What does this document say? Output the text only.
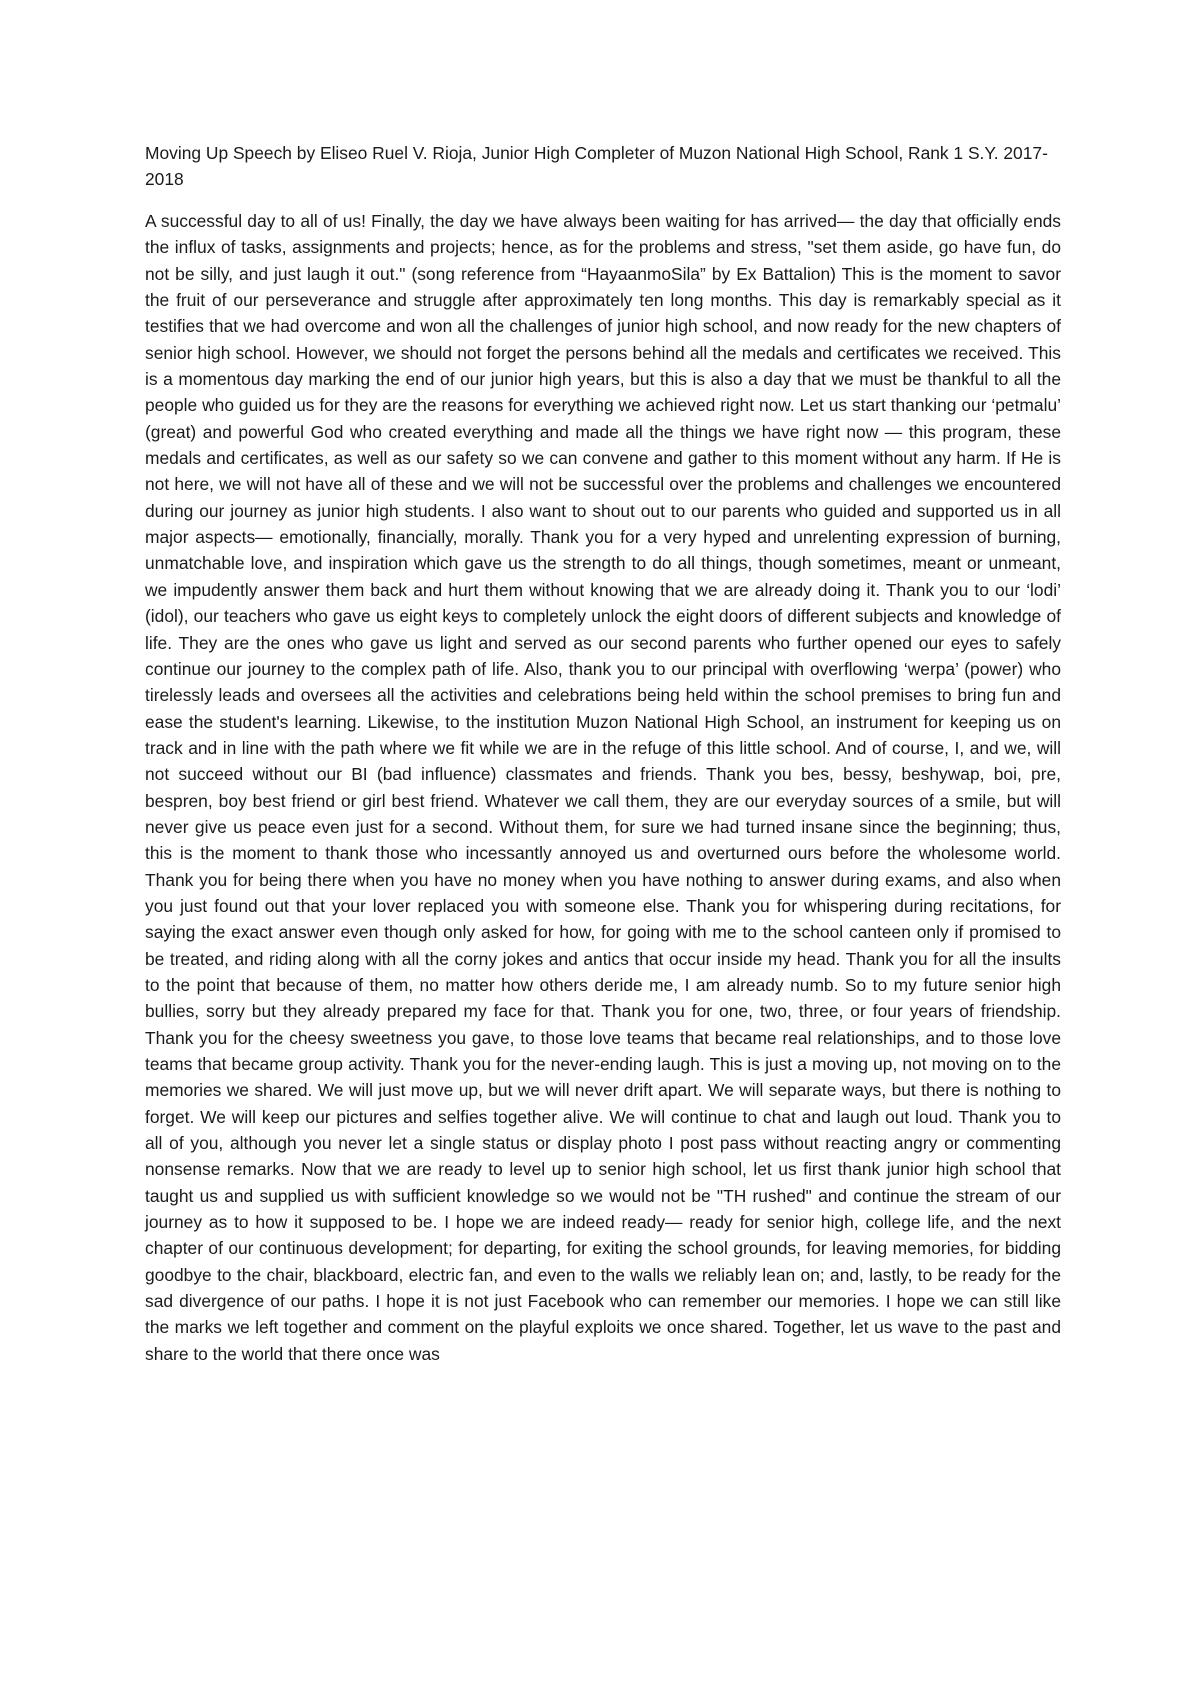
Moving Up Speech by Eliseo Ruel V. Rioja, Junior High Completer of Muzon National High School, Rank 1 S.Y. 2017-2018

A successful day to all of us! Finally, the day we have always been waiting for has arrived— the day that officially ends the influx of tasks, assignments and projects; hence, as for the problems and stress, "set them aside, go have fun, do not be silly, and just laugh it out." (song reference from “HayaanmoSila” by Ex Battalion) This is the moment to savor the fruit of our perseverance and struggle after approximately ten long months. This day is remarkably special as it testifies that we had overcome and won all the challenges of junior high school, and now ready for the new chapters of senior high school. However, we should not forget the persons behind all the medals and certificates we received. This is a momentous day marking the end of our junior high years, but this is also a day that we must be thankful to all the people who guided us for they are the reasons for everything we achieved right now. Let us start thanking our ‘petmalu’ (great) and powerful God who created everything and made all the things we have right now — this program, these medals and certificates, as well as our safety so we can convene and gather to this moment without any harm. If He is not here, we will not have all of these and we will not be successful over the problems and challenges we encountered during our journey as junior high students. I also want to shout out to our parents who guided and supported us in all major aspects— emotionally, financially, morally. Thank you for a very hyped and unrelenting expression of burning, unmatchable love, and inspiration which gave us the strength to do all things, though sometimes, meant or unmeant, we impudently answer them back and hurt them without knowing that we are already doing it. Thank you to our ‘lodi’ (idol), our teachers who gave us eight keys to completely unlock the eight doors of different subjects and knowledge of life. They are the ones who gave us light and served as our second parents who further opened our eyes to safely continue our journey to the complex path of life. Also, thank you to our principal with overflowing ‘werpa’ (power) who tirelessly leads and oversees all the activities and celebrations being held within the school premises to bring fun and ease the student's learning. Likewise, to the institution Muzon National High School, an instrument for keeping us on track and in line with the path where we fit while we are in the refuge of this little school. And of course, I, and we, will not succeed without our BI (bad influence) classmates and friends. Thank you bes, bessy, beshywap, boi, pre, bespren, boy best friend or girl best friend. Whatever we call them, they are our everyday sources of a smile, but will never give us peace even just for a second. Without them, for sure we had turned insane since the beginning; thus, this is the moment to thank those who incessantly annoyed us and overturned ours before the wholesome world. Thank you for being there when you have no money when you have nothing to answer during exams, and also when you just found out that your lover replaced you with someone else. Thank you for whispering during recitations, for saying the exact answer even though only asked for how, for going with me to the school canteen only if promised to be treated, and riding along with all the corny jokes and antics that occur inside my head. Thank you for all the insults to the point that because of them, no matter how others deride me, I am already numb. So to my future senior high bullies, sorry but they already prepared my face for that. Thank you for one, two, three, or four years of friendship. Thank you for the cheesy sweetness you gave, to those love teams that became real relationships, and to those love teams that became group activity. Thank you for the never-ending laugh. This is just a moving up, not moving on to the memories we shared. We will just move up, but we will never drift apart. We will separate ways, but there is nothing to forget. We will keep our pictures and selfies together alive. We will continue to chat and laugh out loud. Thank you to all of you, although you never let a single status or display photo I post pass without reacting angry or commenting nonsense remarks. Now that we are ready to level up to senior high school, let us first thank junior high school that taught us and supplied us with sufficient knowledge so we would not be "TH rushed" and continue the stream of our journey as to how it supposed to be. I hope we are indeed ready— ready for senior high, college life, and the next chapter of our continuous development; for departing, for exiting the school grounds, for leaving memories, for bidding goodbye to the chair, blackboard, electric fan, and even to the walls we reliably lean on; and, lastly, to be ready for the sad divergence of our paths. I hope it is not just Facebook who can remember our memories. I hope we can still like the marks we left together and comment on the playful exploits we once shared. Together, let us wave to the past and share to the world that there once was
